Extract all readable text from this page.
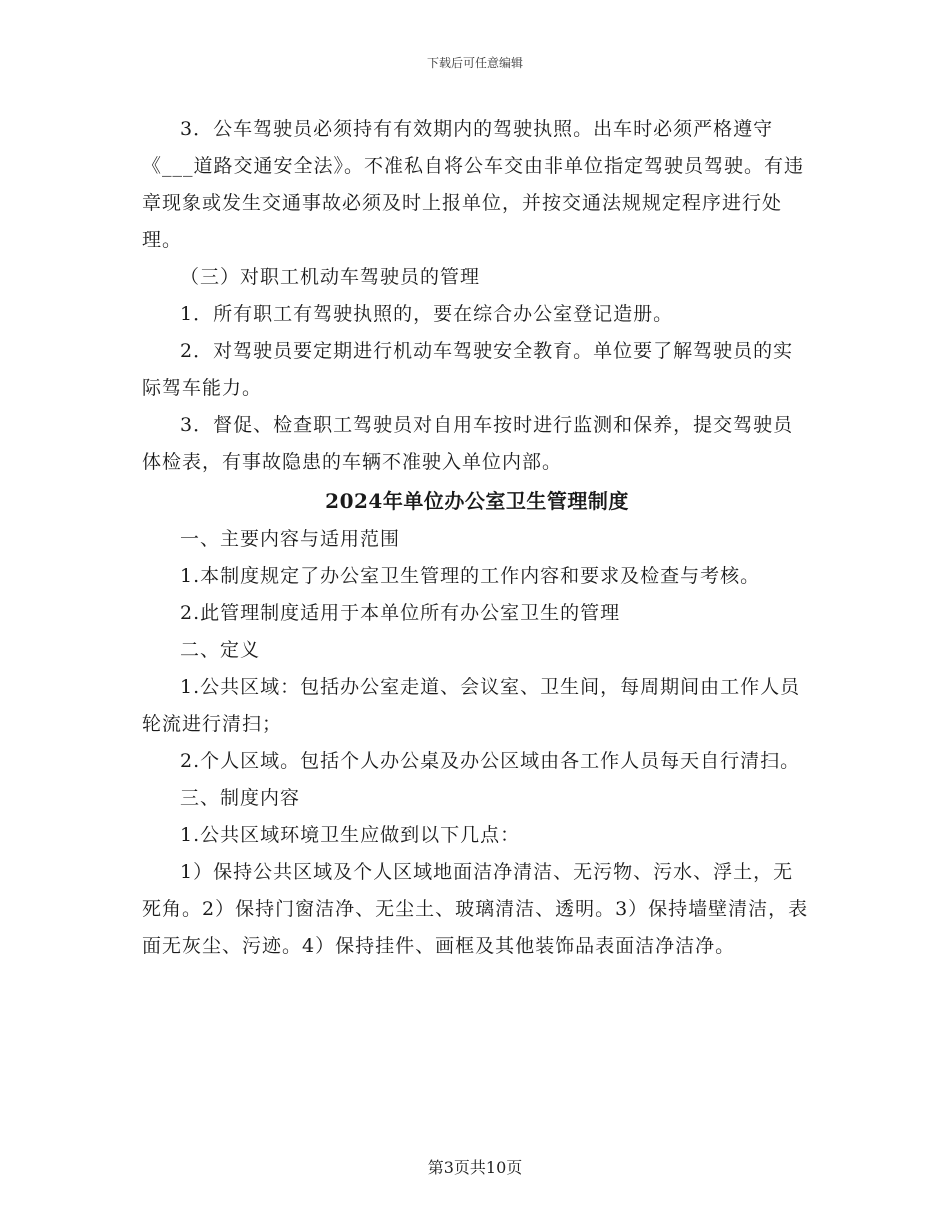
下载后可任意编辑

3．公车驾驶员必须持有有效期内的驾驶执照。出车时必须严格遵守《___道路交通安全法》。不准私自将公车交由非单位指定驾驶员驾驶。有违章现象或发生交通事故必须及时上报单位，并按交通法规规定程序进行处理。

（三）对职工机动车驾驶员的管理

1．所有职工有驾驶执照的，要在综合办公室登记造册。

2．对驾驶员要定期进行机动车驾驶安全教育。单位要了解驾驶员的实际驾车能力。

3．督促、检查职工驾驶员对自用车按时进行监测和保养，提交驾驶员体检表，有事故隐患的车辆不准驶入单位内部。

2024年单位办公室卫生管理制度

一、主要内容与适用范围

1.本制度规定了办公室卫生管理的工作内容和要求及检查与考核。

2.此管理制度适用于本单位所有办公室卫生的管理

二、定义

1.公共区域：包括办公室走道、会议室、卫生间，每周期间由工作人员轮流进行清扫；

2.个人区域。包括个人办公桌及办公区域由各工作人员每天自行清扫。

三、制度内容

1.公共区域环境卫生应做到以下几点：

1）保持公共区域及个人区域地面洁净清洁、无污物、污水、浮土，无死角。2）保持门窗洁净、无尘土、玻璃清洁、透明。3）保持墙壁清洁，表面无灰尘、污迹。4）保持挂件、画框及其他装饰品表面洁净洁净。

第3页共10页
